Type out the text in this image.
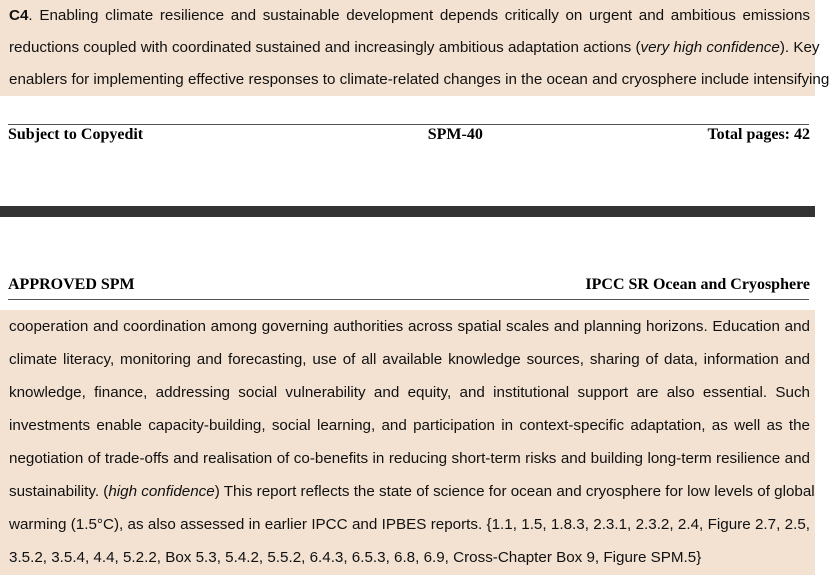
C4. Enabling climate resilience and sustainable development depends critically on urgent and ambitious emissions
reductions coupled with coordinated sustained and increasingly ambitious adaptation actions (very high confidence). Key
enablers for implementing effective responses to climate-related changes in the ocean and cryosphere include intensifying
Subject to Copyedit	SPM-40	Total pages: 42
APPROVED SPM	IPCC SR Ocean and Cryosphere
cooperation and coordination among governing authorities across spatial scales and planning horizons. Education and
climate literacy, monitoring and forecasting, use of all available knowledge sources, sharing of data, information and
knowledge, finance, addressing social vulnerability and equity, and institutional support are also essential. Such
investments enable capacity-building, social learning, and participation in context-specific adaptation, as well as the
negotiation of trade-offs and realisation of co-benefits in reducing short-term risks and building long-term resilience and
sustainability. (high confidence) This report reflects the state of science for ocean and cryosphere for low levels of global
warming (1.5°C), as also assessed in earlier IPCC and IPBES reports. {1.1, 1.5, 1.8.3, 2.3.1, 2.3.2, 2.4, Figure 2.7, 2.5,
3.5.2, 3.5.4, 4.4, 5.2.2, Box 5.3, 5.4.2, 5.5.2, 6.4.3, 6.5.3, 6.8, 6.9, Cross-Chapter Box 9, Figure SPM.5}
